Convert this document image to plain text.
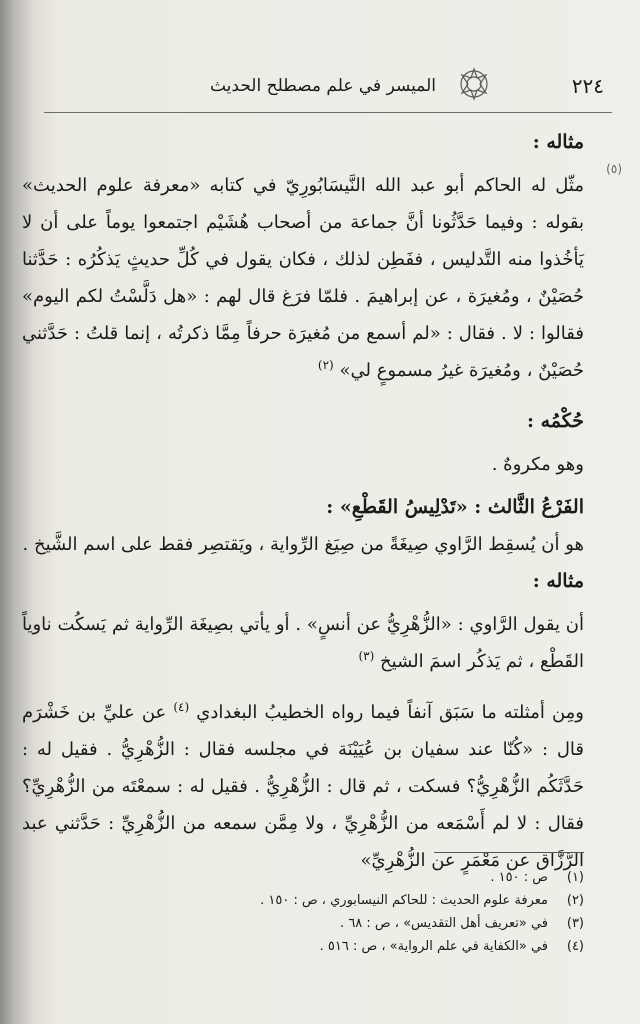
٢٢٤
الميسر في علم مصطلح الحديث
(٥)

مثاله :

مثّل له الحاكم أبو عبد الله النَّيسَابُورِيّ في كتابه «معرفة علوم الحديث» بقوله : وفيما حَدَّثُونا أنَّ جماعة من أصحاب هُشَيْم اجتمعوا يوماً على أن لا يَأخُذوا منه التَّدليس ، ففَطِن لذلك ، فكان يقول في كُلِّ حديثٍ يَذكُرُه : حَدَّثنا حُصَيْنٌ ، ومُغيرَة ، عن إبراهيمَ . فلمّا فرَغ قال لهم : «هل دَلَّسْتُ لكم اليوم» فقالوا : لا . فقال : «لم أسمع من مُغيرَة حرفاً مِمَّا ذكرتُه ، إنما قلتُ : حَدَّثني حُصَيْنٌ ، ومُغيرَة غيرُ مسموعٍ لي» $^{(٢)}$

حُكْمُه :

وهو مكروهٌ .

الفَرْعُ الثَّالث : «تَدْلِيسُ القَطْعِ» :

هو أن يُسقِط الرَّاوي صِيغَةً من صِيَغ الرِّواية ، ويَقتصِر فقط على اسم الشَّيخ .

مثاله :

أن يقول الرَّاوي : «الزُّهْرِيُّ عن أنسٍ» . أو يأتي بصِيغَة الرِّواية ثم يَسكُت ناوياً القَطْع ، ثم يَذكُر اسمَ الشيخ $^{(٣)}$

ومِن أمثلته ما سَبَق آنفاً فيما رواه الخطيبُ البغدادي $^{(٤)}$ عن عليِّ بن خَشْرَم قال : «كُنّا عند سفيان بن عُيَيْنَة في مجلسه فقال : الزُّهْرِيُّ . فقيل له : حَدَّثَكُم الزُّهْرِيُّ؟ فسكت ، ثم قال : الزُّهْرِيُّ . فقيل له : سمعْتَه من الزُّهْرِيِّ؟ فقال : لا لم أَسْمَعه من الزُّهْرِيِّ ، ولا مِمَّن سمعه من الزُّهْرِيِّ : حَدَّثني عبد الرَّزَّاق عن مَعْمَرٍ عن الزُّهْرِيِّ»

(١)
ص : ١٥٠ .
(٢)
معرفة علوم الحديث : للحاكم النيسابوري ، ص : ١٥٠ .
(٣)
في «تعريف أهل التقديس» ، ص : ٦٨ .
(٤)
في «الكفاية في علم الرواية» ، ص : ٥١٦ .
